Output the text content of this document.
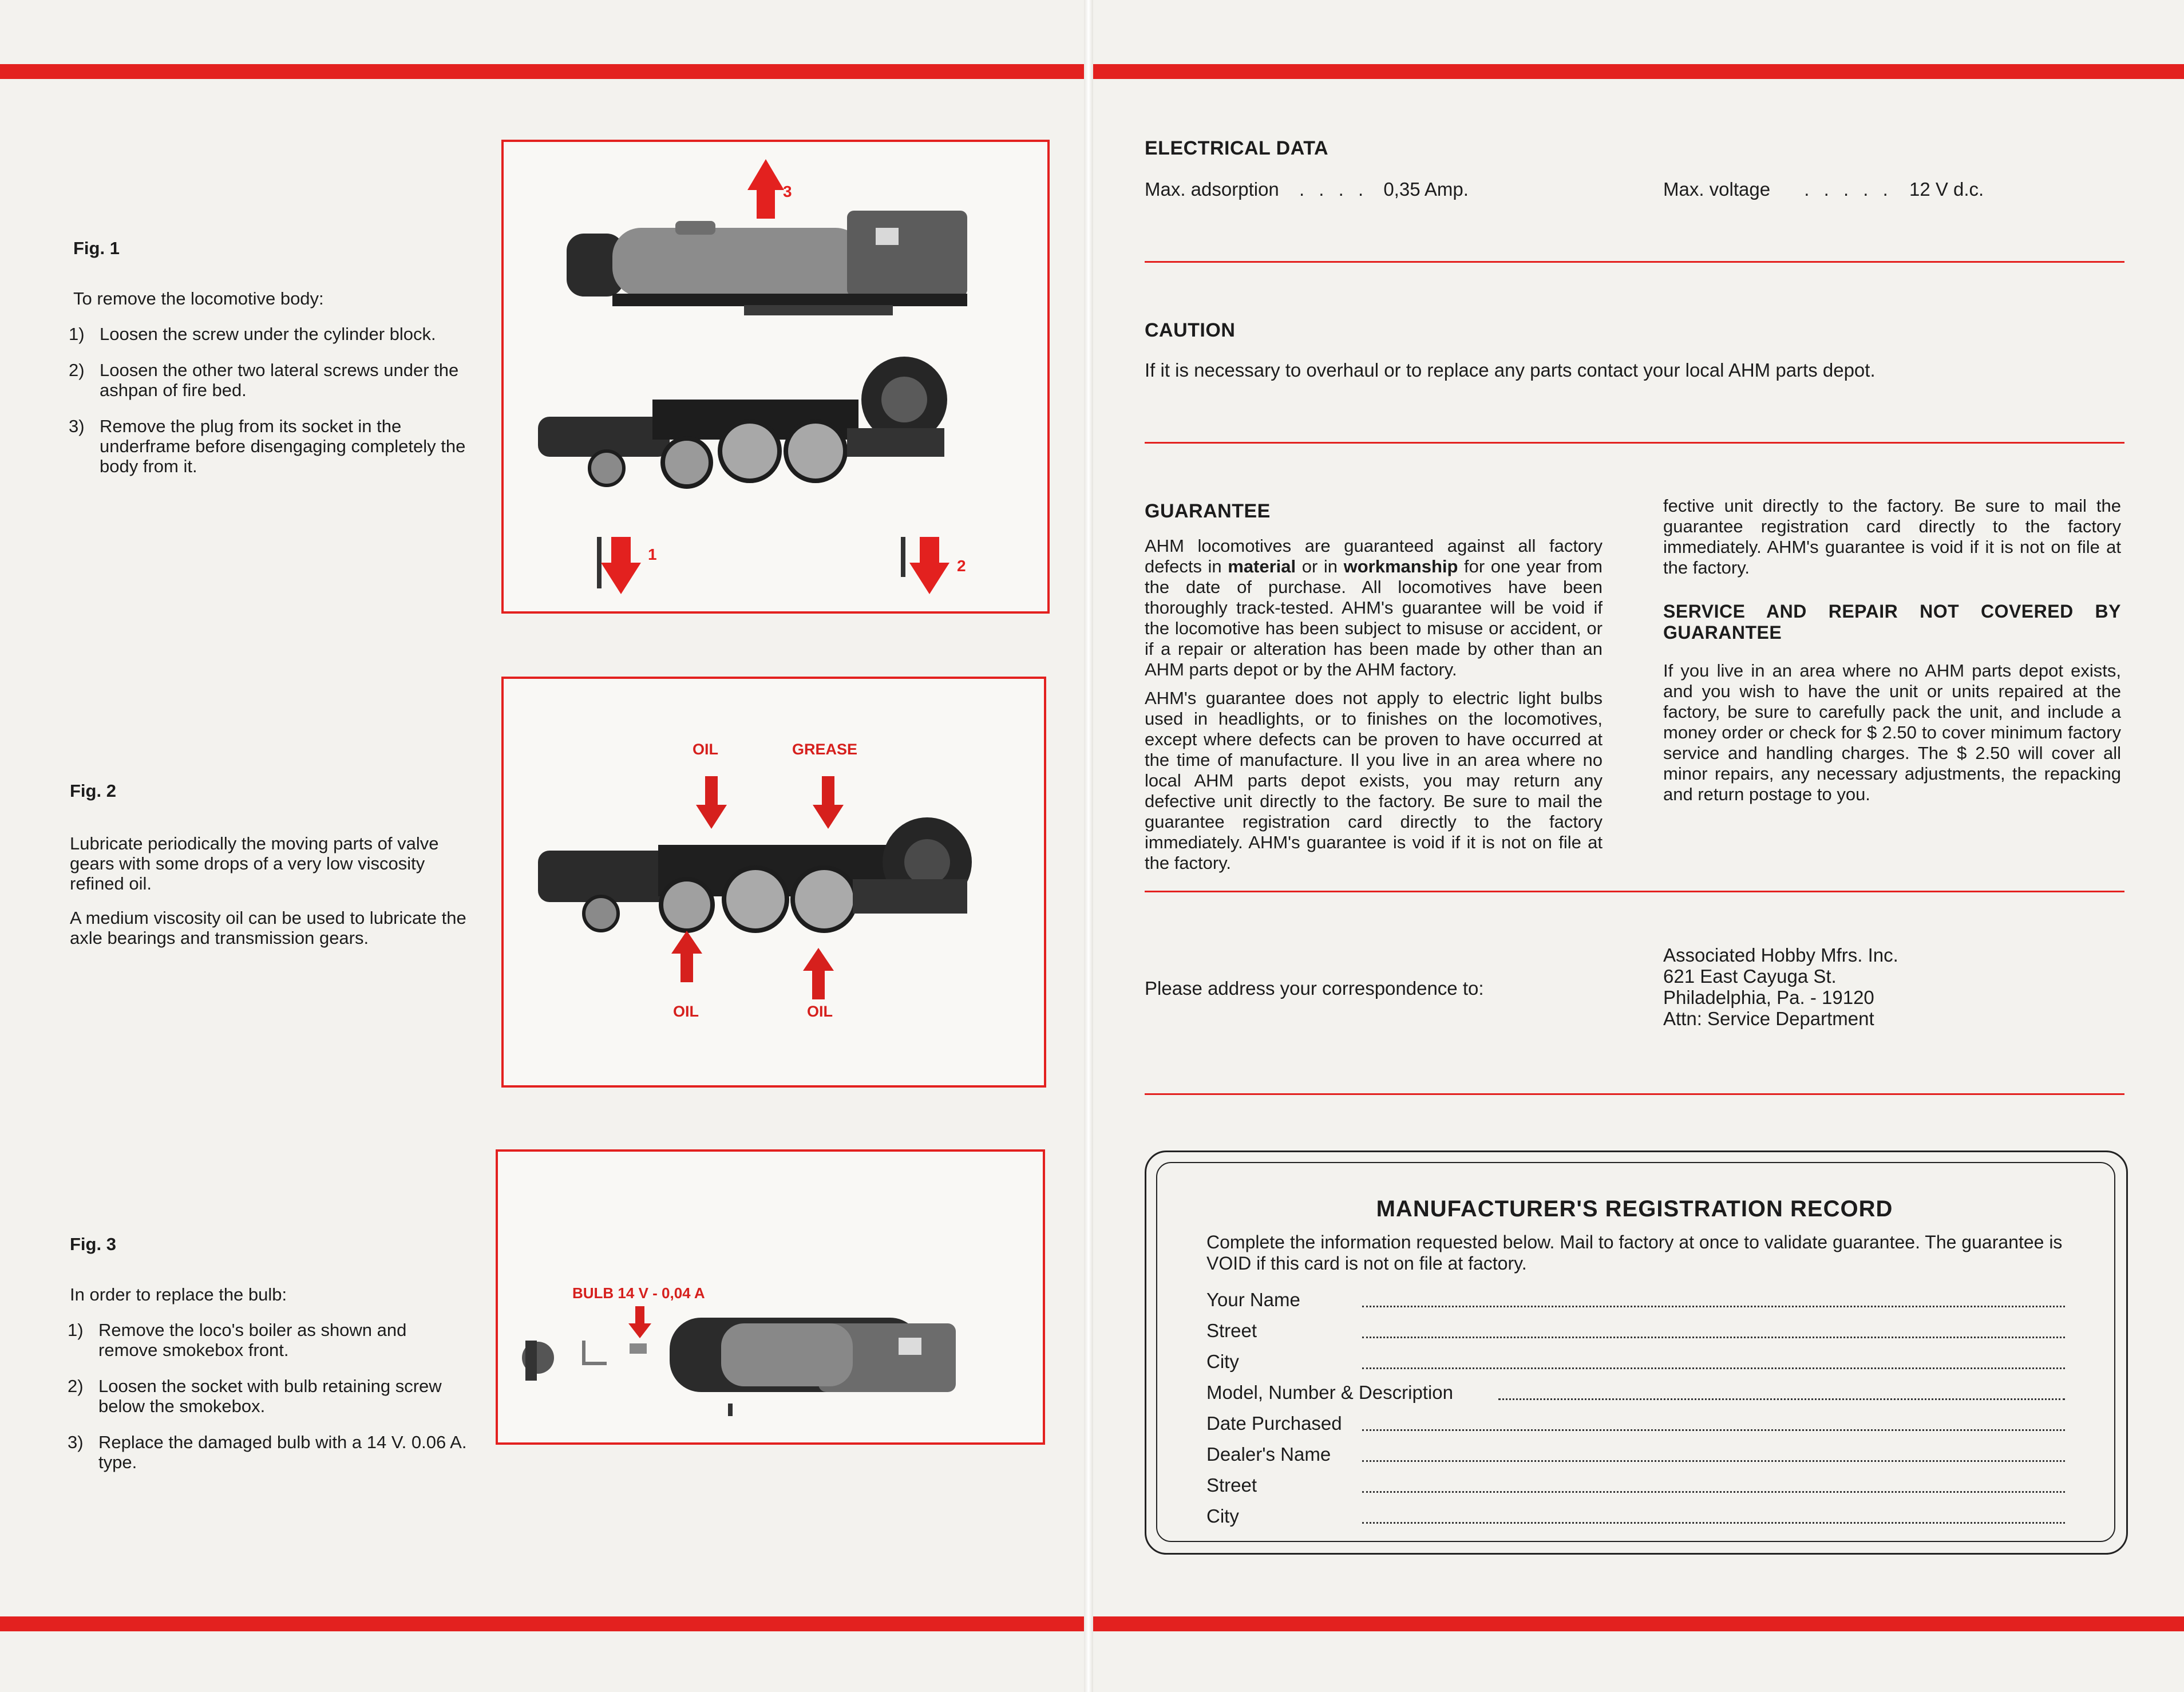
Fig. 1
To remove the locomotive body:
1) Loosen the screw under the cylinder block.
2) Loosen the other two lateral screws under the ashpan of fire bed.
3) Remove the plug from its socket in the underframe before disengaging completely the body from it.
3
1
2
Fig. 2
Lubricate periodically the moving parts of valve gears with some drops of a very low viscosity refined oil.
A medium viscosity oil can be used to lubricate the axle bearings and transmission gears.
OIL	GREASE
OIL	OIL
Fig. 3
In order to replace the bulb:
1) Remove the loco's boiler as shown and remove smokebox front.
2) Loosen the socket with bulb retaining screw below the smokebox.
3) Replace the damaged bulb with a 14 V. 0.06 A. type.
BULB 14 V - 0,04 A
ELECTRICAL DATA
Max. adsorption . . . . 0,35 Amp.	Max. voltage . . . . . 12 V d.c.
CAUTION
If it is necessary to overhaul or to replace any parts contact your local AHM parts depot.
GUARANTEE

AHM locomotives are guaranteed against all factory defects in material or in workmanship for one year from the date of purchase. All locomotives have been thoroughly track-tested. AHM's guarantee will be void if the locomotive has been subject to misuse or accident, or if a repair or alteration has been made by other than an AHM parts depot or by the AHM factory.

AHM's guarantee does not apply to electric light bulbs used in headlights, or to finishes on the locomotives, except where defects can be proven to have occurred at the time of manufacture. Il you live in an area where no local AHM parts depot exists, you may return any defective unit directly to the factory. Be sure to mail the guarantee registration card directly to the factory immediately. AHM's guarantee is void if it is not on file at the factory.

fective unit directly to the factory. Be sure to mail the guarantee registration card directly to the factory immediately. AHM's guarantee is void if it is not on file at the factory.

SERVICE AND REPAIR NOT COVERED BY GUARANTEE

If you live in an area where no AHM parts depot exists, and you wish to have the unit or units repaired at the factory, be sure to carefully pack the unit, and include a money order or check for $ 2.50 to cover minimum factory service and handling charges. The $ 2.50 will cover all minor repairs, any necessary adjustments, the repacking and return postage to you.

Please address your correspondence to:
Associated Hobby Mfrs. Inc.
621 East Cayuga St.
Philadelphia, Pa. - 19120
Attn: Service Department
MANUFACTURER'S REGISTRATION RECORD
Complete the information requested below. Mail to factory at once to validate guarantee. The guarantee is VOID if this card is not on file at factory.
Your Name
Street
City
Model, Number & Description
Date Purchased
Dealer's Name
Street
City
